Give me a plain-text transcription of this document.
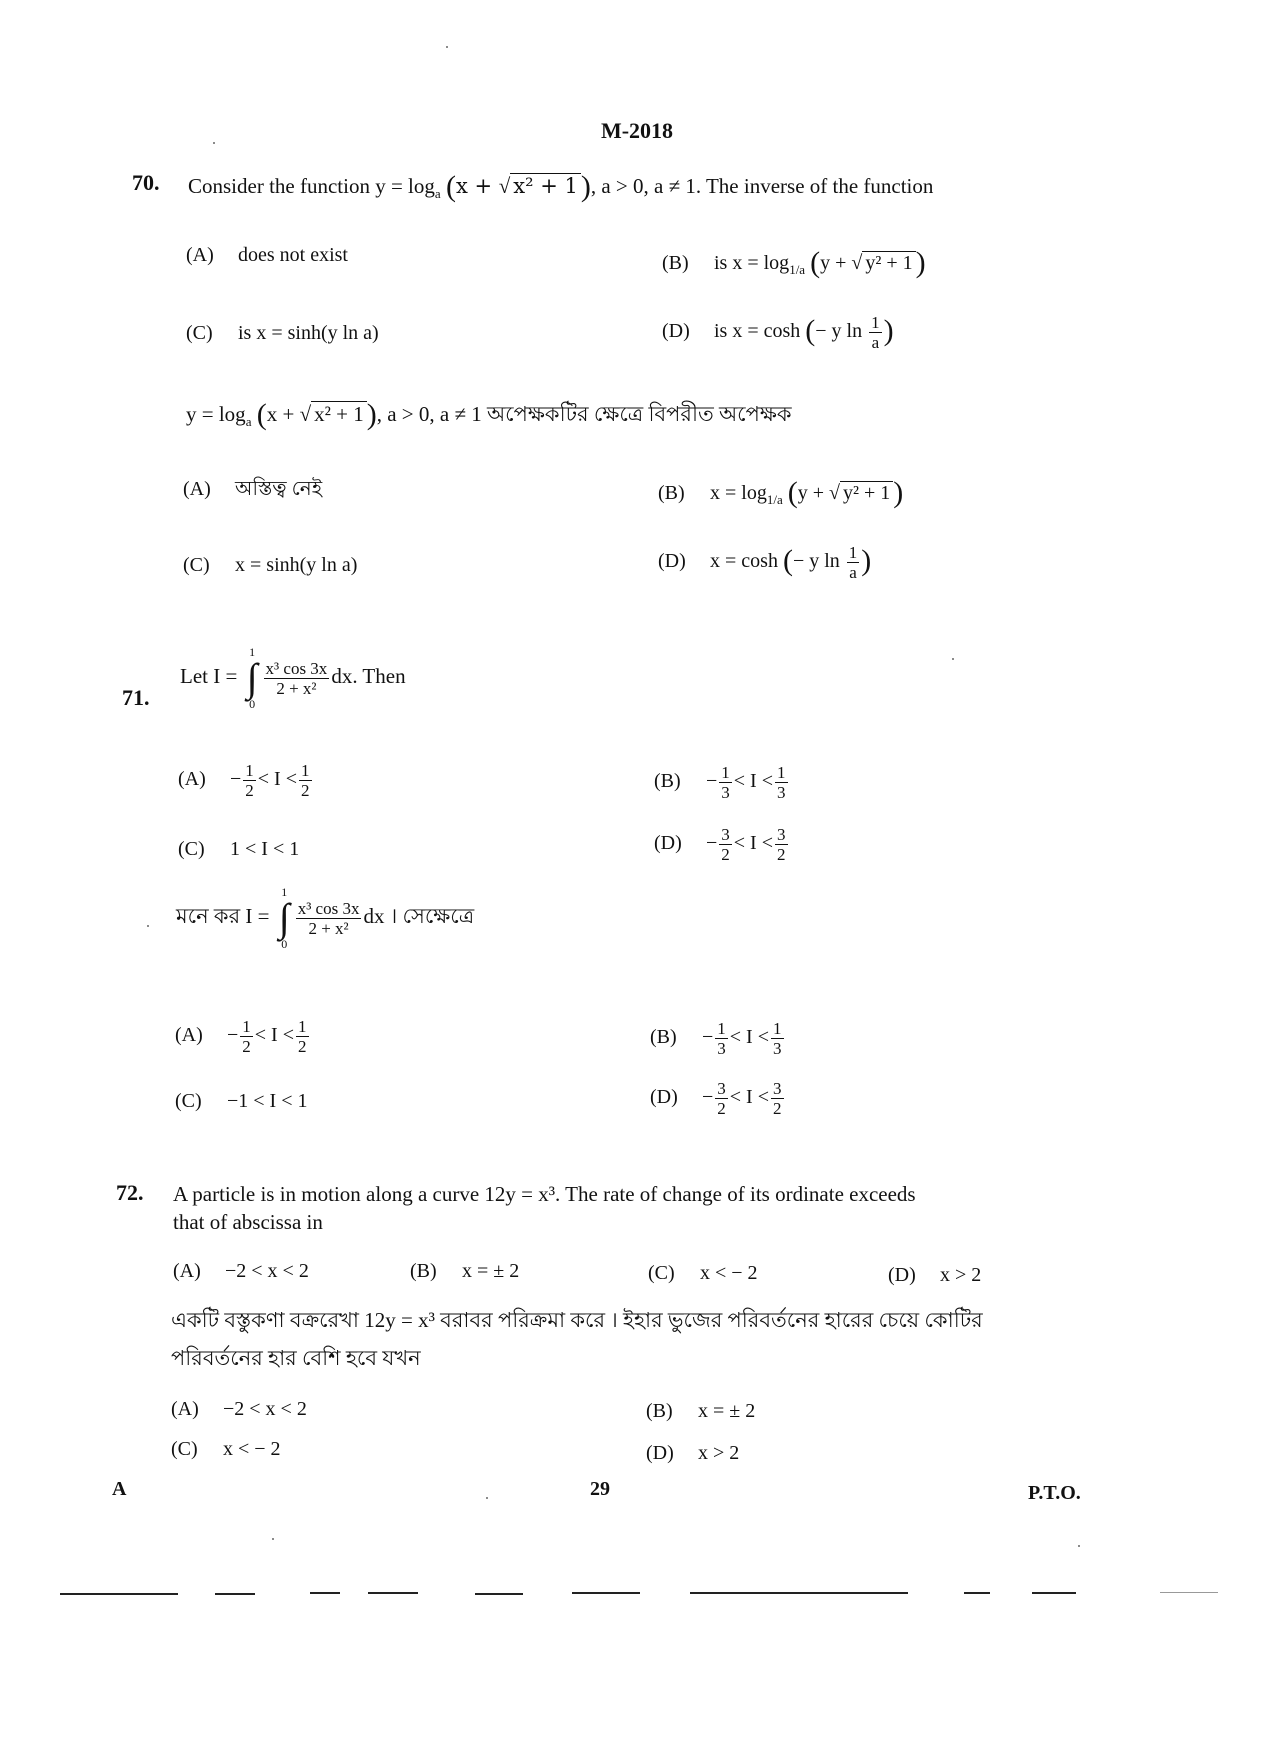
M-2018
70. Consider the function $y = \log_a (x$ + √ x² + 1 ), a > 0, a ≠ 1. The inverse of the function
(A) does not exist	(B) is $x = \log_{1/a} (y$ + √ y² + 1 )
(C) is x = sinh(y ln a)	(D) is x = cosh (− y $\ln \frac{1}{a}$ )
$y = \log_a (x$ + √ x² + 1 ), a > 0, a ≠ 1 অপেক্ষকটির ক্ষেত্রে বিপরীত অপেক্ষক
(A) অস্তিত্ব নেই	(B) $x = \log_{1/a} (y$ + √ y² + 1 )
(C) x = sinh(y ln a)	(D) x = cosh (− y $\ln \frac{1}{a}$ )
71.
Let I =
1
∫
0
$\frac{\text{x³ cos 3x}}{\text{2 + x²}}$ dx. Then
$(A) - \frac{1}{2} < I < \frac{1}{2}$	$(B) - \frac{1}{3} < I < \frac{1}{3}$
(C) 1 < I < 1	$(D) - \frac{3}{2} < I < \frac{3}{2}$
মনে কর I =
1
∫
0
$\frac{\text{x³ cos 3x}}{\text{2 + x²}}$ dx । সেক্ষেত্রে
$(A) - \frac{1}{2} < I < \frac{1}{2}$	$(B) - \frac{1}{3} < I < \frac{1}{3}$
(C) −1 < I < 1	$(D) - \frac{3}{2} < I < \frac{3}{2}$
72. A particle is in motion along a curve 12y = x³. The rate of change of its ordinate exceeds
that of abscissa in
(A) −2 < x < 2	(B) x = ± 2	(C) x < − 2	(D) x > 2
একটি বস্তুকণা বক্ররেখা 12y = x³ বরাবর পরিক্রমা করে । ইহার ভুজের পরিবর্তনের হারের চেয়ে কোটির
পরিবর্তনের হার বেশি হবে যখন
(A) −2 < x < 2	(B) x = ± 2
(C) x < − 2	(D) x > 2
A	29	P.T.O.
